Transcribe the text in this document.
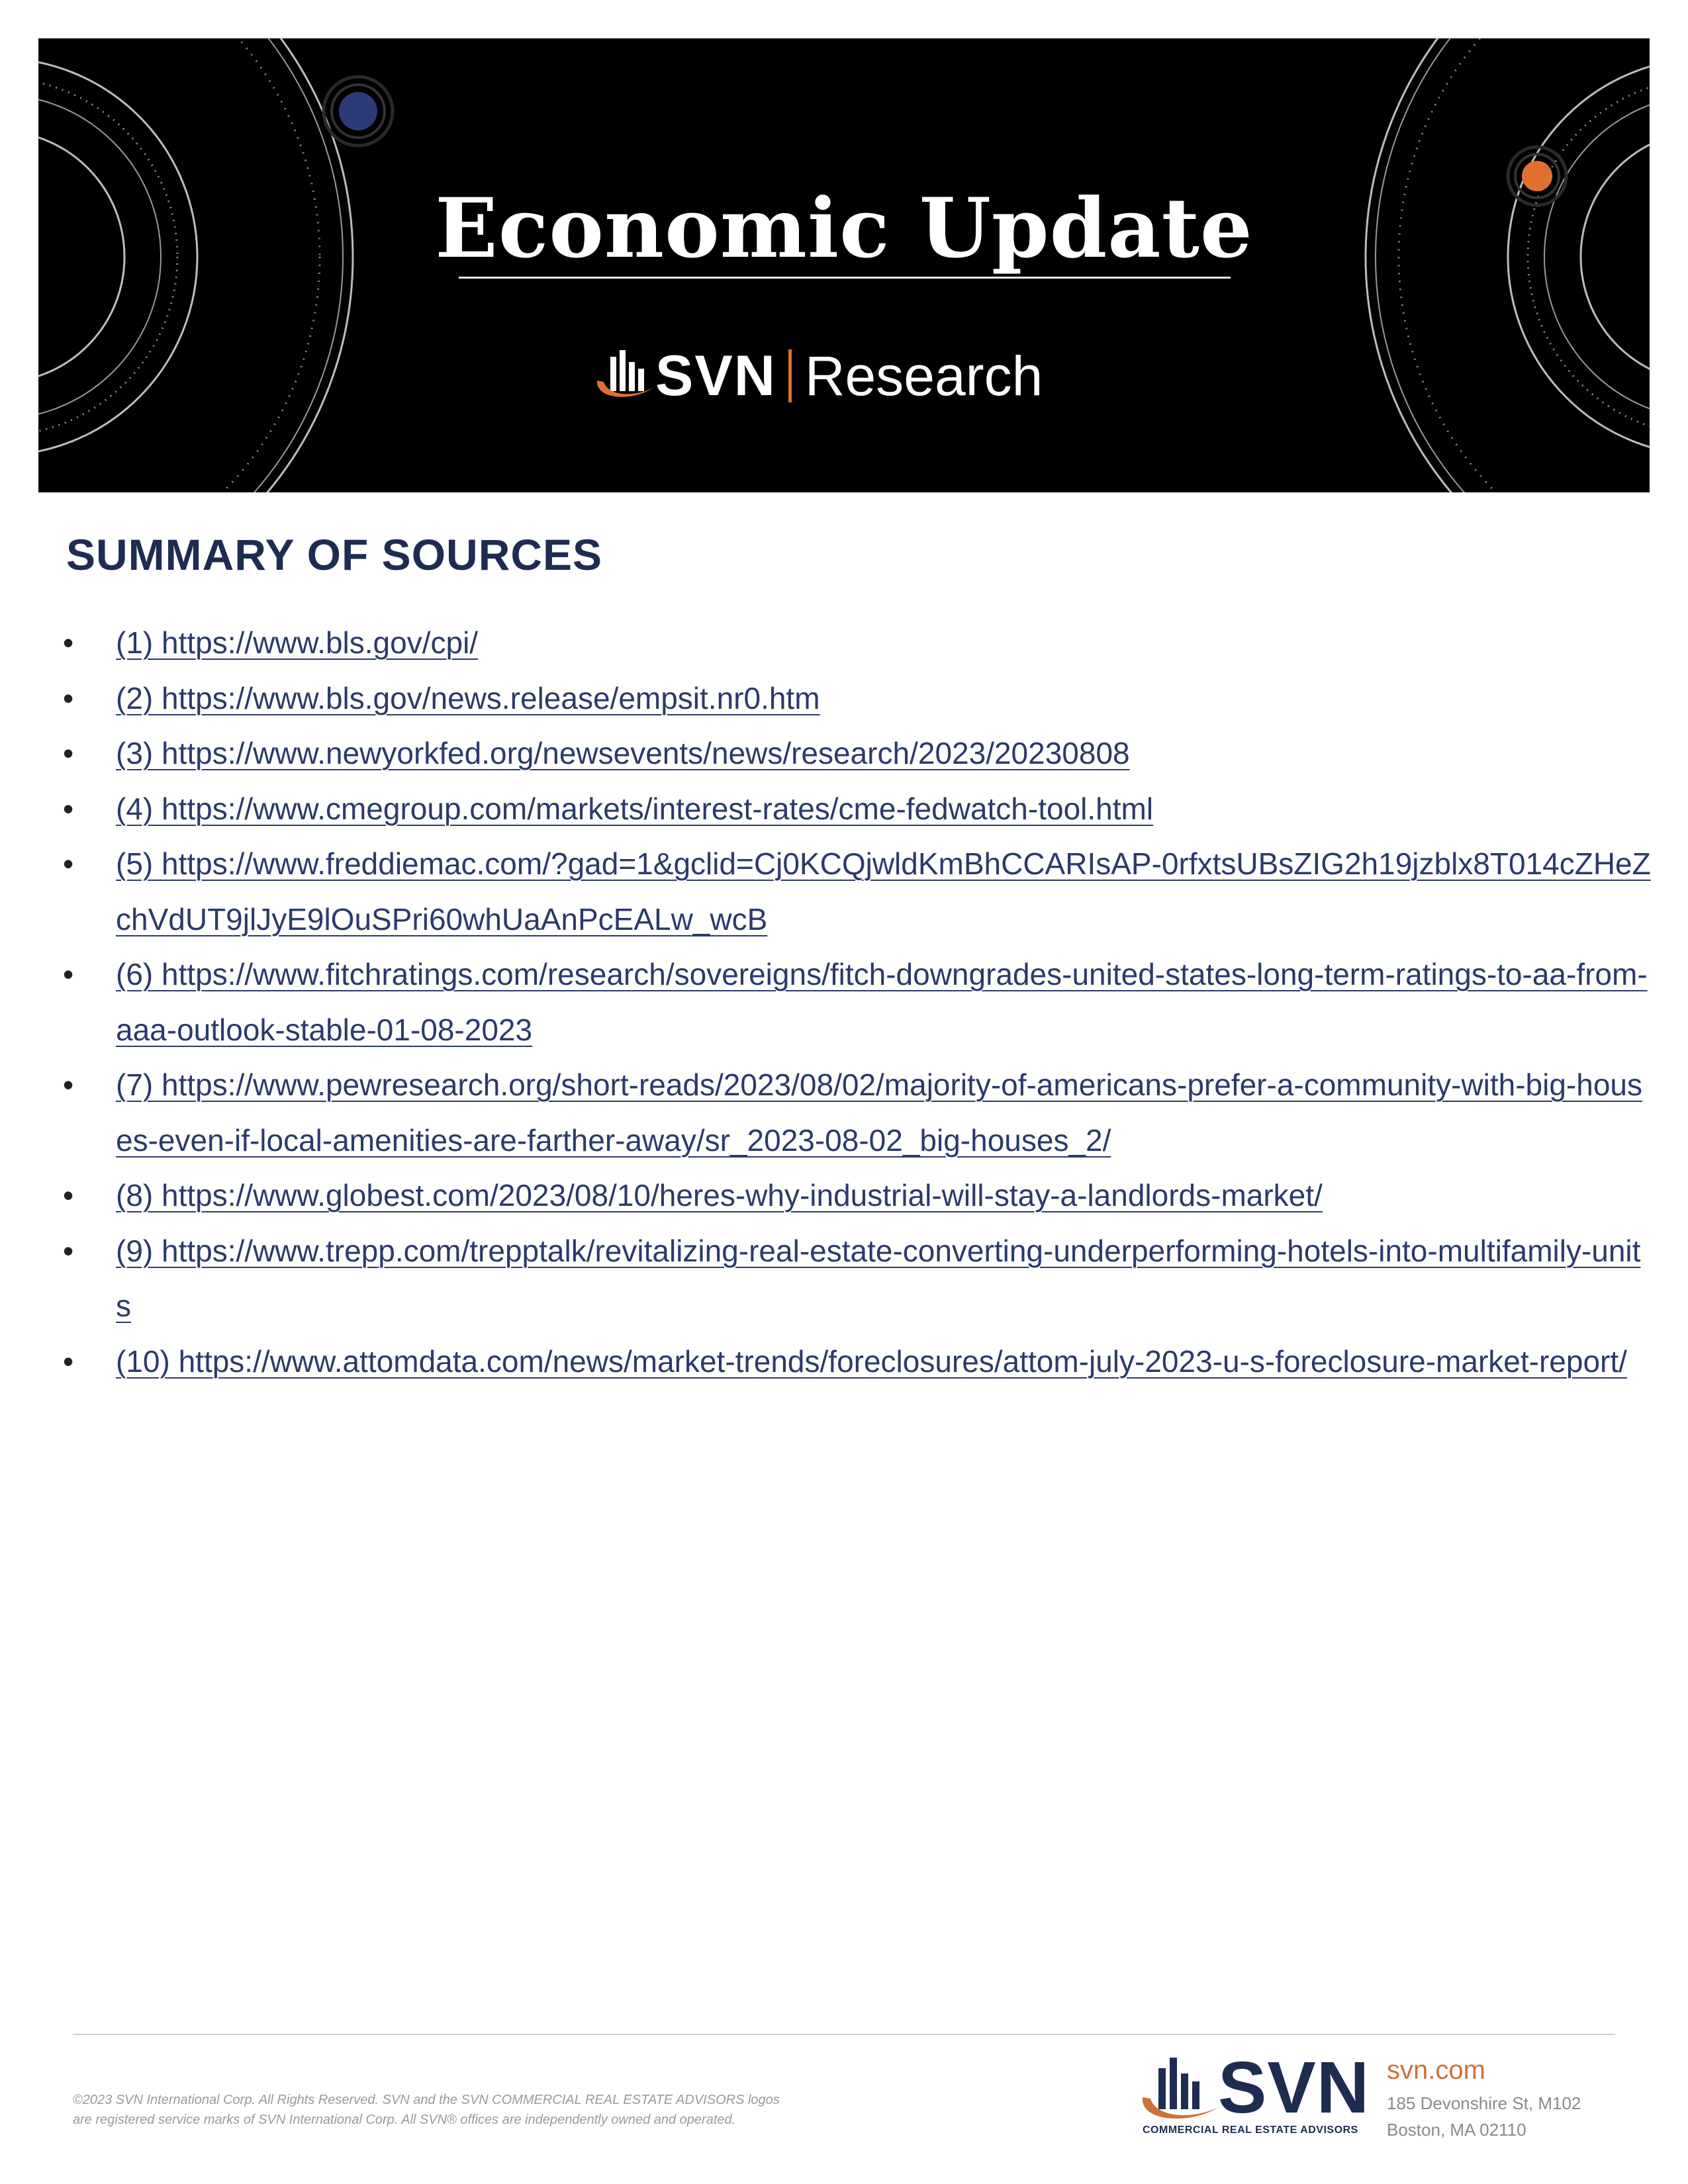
Economic Update
SVN Research
SUMMARY OF SOURCES
• (1) https://www.bls.gov/cpi/
• (2) https://www.bls.gov/news.release/empsit.nr0.htm
• (3) https://www.newyorkfed.org/newsevents/news/research/2023/20230808
• (4) https://www.cmegroup.com/markets/interest-rates/cme-fedwatch-tool.html
• (5) https://www.freddiemac.com/?gad=1&gclid=Cj0KCQjwldKmBhCCARIsAP-0rfxtsUBsZIG2h19jzblx8T014cZHeZchVdUT9jlJyE9lOuSPri60whUaAnPcEALw_wcB
• (6) https://www.fitchratings.com/research/sovereigns/fitch-downgrades-united-states-long-term-ratings-to-aa-from-aaa-outlook-stable-01-08-2023
• (7) https://www.pewresearch.org/short-reads/2023/08/02/majority-of-americans-prefer-a-community-with-big-houses-even-if-local-amenities-are-farther-away/sr_2023-08-02_big-houses_2/
• (8) https://www.globest.com/2023/08/10/heres-why-industrial-will-stay-a-landlords-market/
• (9) https://www.trepp.com/trepptalk/revitalizing-real-estate-converting-underperforming-hotels-into-multifamily-units
• (10) https://www.attomdata.com/news/market-trends/foreclosures/attom-july-2023-u-s-foreclosure-market-report/
©2023 SVN International Corp. All Rights Reserved. SVN and the SVN COMMERCIAL REAL ESTATE ADVISORS logos
are registered service marks of SVN International Corp. All SVN® offices are independently owned and operated.	SVN
COMMERCIAL REAL ESTATE ADVISORS
svn.com
185 Devonshire St, M102
Boston, MA 02110
